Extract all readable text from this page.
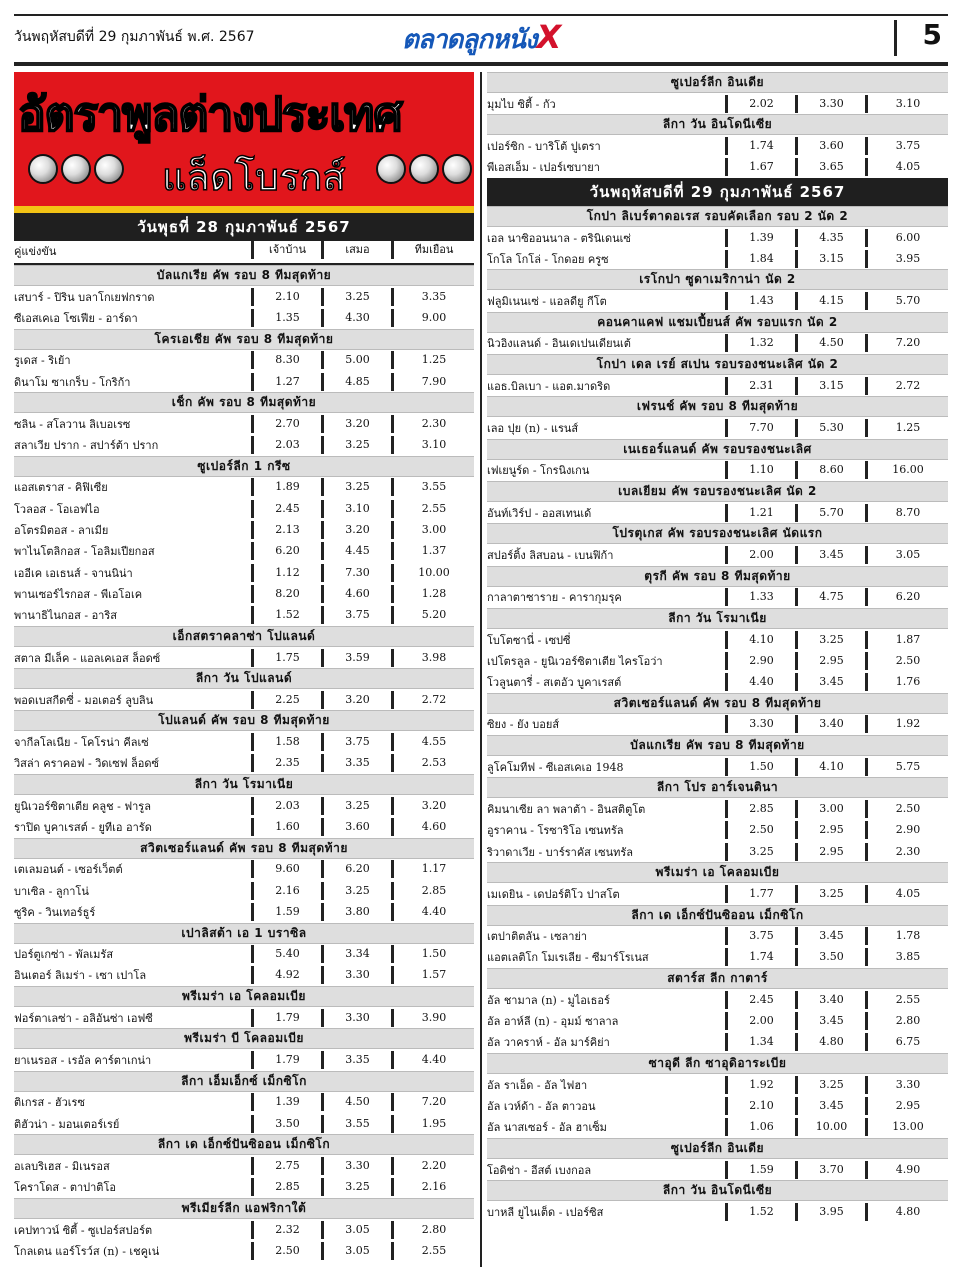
วันพฤหัสบดีที่ 29 กุมภาพันธ์ พ.ศ. 2567	ตลาดลูกหนังX	5
อัตราพูลต่างประเทศ
แล็ดโบรกส์
วันพุธที่ 28 กุมภาพันธ์ 2567
คู่แข่งขัน	เจ้าบ้าน	เสมอ	ทีมเยือน
บัลแกเรีย คัพ รอบ 8 ทีมสุดท้าย
เสบาร์ - ปิริน บลาโกเยฟกราด	2.10	3.25	3.35
ซีเอสเคเอ โซเฟีย - อาร์ดา	1.35	4.30	9.00
โครเอเชีย คัพ รอบ 8 ทีมสุดท้าย
รูเดส - ริเย้า	8.30	5.00	1.25
ดินาโม ซาเกร็บ - โกริก้า	1.27	4.85	7.90
เช็ก คัพ รอบ 8 ทีมสุดท้าย
ซลิน - สโลวาน ลิเบอเรซ	2.70	3.20	2.30
สลาเวีย ปราก - สปาร์ต้า ปราก	2.03	3.25	3.10
ซูเปอร์ลีก 1 กรีซ
แอสเตราส - คิฟิเซีย	1.89	3.25	3.55
โวลอส - โอเอฟไอ	2.45	3.10	2.55
อโตรมิตอส - ลาเมีย	2.13	3.20	3.00
พาไนโตลิกอส - โอลิมเปียกอส	6.20	4.45	1.37
เออีเค เอเธนส์ - จานนิน่า	1.12	7.30	10.00
พานเซอร์ไรกอส - พีเอโอเค	8.20	4.60	1.28
พานาธิไนกอส - อาริส	1.52	3.75	5.20
เอ็กสตราคลาซ่า โปแลนด์
สตาล มีเล็ค - แอลเคเอส ล็อดซ์	1.75	3.59	3.98
ลีกา วัน โปแลนด์
พอดเบสกีดซี่ - มอเตอร์ ลูบลิน	2.25	3.20	2.72
โปแลนด์ คัพ รอบ 8 ทีมสุดท้าย
จากีลโลเนีย - โคโรน่า คีลเซ่	1.58	3.75	4.55
วิสล่า คราคอฟ - วิดเซฟ ล็อดซ์	2.35	3.35	2.53
ลีกา วัน โรมาเนีย
ยูนิเวอร์ซิตาเตีย คลูช - ฟารูล	2.03	3.25	3.20
ราปิด บูคาเรสต์ - ยูทีเอ อารัด	1.60	3.60	4.60
สวิตเซอร์แลนด์ คัพ รอบ 8 ทีมสุดท้าย
เตเลมอนต์ - เซอร์เว็ตต์	9.60	6.20	1.17
บาเซิล - ลูกาโน่	2.16	3.25	2.85
ซูริค - วินเทอร์ธูร์	1.59	3.80	4.40
เปาลิสต้า เอ 1 บราซิล
ปอร์ตูเกซ่า - พัลเมรัส	5.40	3.34	1.50
อินเตอร์ ลิเมร่า - เซา เปาโล	4.92	3.30	1.57
พรีเมร่า เอ โคลอมเบีย
ฟอร์ตาเลซ่า - อลิอันซ่า เอฟซี	1.79	3.30	3.90
พรีเมร่า บี โคลอมเบีย
ยาเนรอส - เรอัล คาร์ตาเกน่า	1.79	3.35	4.40
ลีกา เอ็มเอ็กซ์ เม็กซิโก
ติเกรส - ฮัวเรซ	1.39	4.50	7.20
ติฮัวน่า - มอนเตอร์เรย์	3.50	3.55	1.95
ลีกา เด เอ็กซ์ปันซิออน เม็กซิโก
อเลบริเฮส - มิเนรอส	2.75	3.30	2.20
โคราโดส - ตาปาติโอ	2.85	3.25	2.16
พรีเมียร์ลีก แอฟริกาใต้
เคปทาวน์ ซิตี้ - ซูเปอร์สปอร์ต	2.32	3.05	2.80
โกลเดน แอร์โรว์ส (n) - เชคูเน่	2.50	3.05	2.55
ซูเปอร์ลีก อินเดีย
มุมไบ ซิตี้ - กัว	2.02	3.30	3.10
ลีกา วัน อินโดนีเซีย
เปอร์ซิก - บาริโต้ ปูเตรา	1.74	3.60	3.75
พีเอสเอ็ม - เปอร์เซบายา	1.67	3.65	4.05
วันพฤหัสบดีที่ 29 กุมภาพันธ์ 2567
โกปา ลิเบร์ตาดอเรส รอบคัดเลือก รอบ 2 นัด 2
เอล นาซิออนนาล - ตรินิเดนเซ่	1.39	4.35	6.00
โกโล โกโล่ - โกดอย ครูซ	1.84	3.15	3.95
เรโกปา ซูดาเมริกาน่า นัด 2
ฟลูมิเนนเซ่ - แอลดียู กีโต	1.43	4.15	5.70
คอนคาแคฟ แชมเปี้ยนส์ คัพ รอบแรก นัด 2
นิวอิงแลนด์ - อินเดเปนเดียนเต้	1.32	4.50	7.20
โกปา เดล เรย์ สเปน รอบรองชนะเลิศ นัด 2
แอธ.บิลเบา - แอต.มาดริด	2.31	3.15	2.72
เฟรนช์ คัพ รอบ 8 ทีมสุดท้าย
เลอ ปุย (n) - แรนส์	7.70	5.30	1.25
เนเธอร์แลนด์ คัพ รอบรองชนะเลิศ
เฟเยนูร์ด - โกรนิงเกน	1.10	8.60	16.00
เบลเยียม คัพ รอบรองชนะเลิศ นัด 2
อันท์เวิร์ป - ออสเทนเด้	1.21	5.70	8.70
โปรตุเกส คัพ รอบรองชนะเลิศ นัดแรก
สปอร์ติ้ง ลิสบอน - เบนฟิก้า	2.00	3.45	3.05
ตุรกี คัพ รอบ 8 ทีมสุดท้าย
กาลาตาซาราย - คารากุมรุค	1.33	4.75	6.20
ลีกา วัน โรมาเนีย
โบโตซานี่ - เซปซี่	4.10	3.25	1.87
เปโตรลูล - ยูนิเวอร์ซิตาเตีย ไครโอว่า	2.90	2.95	2.50
โวลูนตารี่ - สเตอัว บูคาเรสต์	4.40	3.45	1.76
สวิตเซอร์แลนด์ คัพ รอบ 8 ทีมสุดท้าย
ซิยง - ยัง บอยส์	3.30	3.40	1.92
บัลแกเรีย คัพ รอบ 8 ทีมสุดท้าย
ลูโคโมทีฟ - ซีเอสเคเอ 1948	1.50	4.10	5.75
ลีกา โปร อาร์เจนตินา
คิมนาเซีย ลา พลาต้า - อินสติตูโต	2.85	3.00	2.50
อูราคาน - โรซาริโอ เซนทรัล	2.50	2.95	2.90
ริวาดาเวีย - บาร์ราคัส เซนทรัล	3.25	2.95	2.30
พรีเมร่า เอ โคลอมเบีย
เมเดยิน - เดปอร์ติโว ปาสโต	1.77	3.25	4.05
ลีกา เด เอ็กซ์ปันซิออน เม็กซิโก
เตปาติตลัน - เซลาย่า	3.75	3.45	1.78
แอตเลติโก โมเรเลีย - ซีมาร์โรเนส	1.74	3.50	3.85
สตาร์ส ลีก กาตาร์
อัล ชามาล (n) - มูไอเธอร์	2.45	3.40	2.55
อัล อาห์ลี (n) - อุมม์ ซาลาล	2.00	3.45	2.80
อัล วาคราห์ - อัล มาร์คิย่า	1.34	4.80	6.75
ซาอุดี ลีก ซาอุดิอาระเบีย
อัล ราเอ็ด - อัล ไฟฮา	1.92	3.25	3.30
อัล เวห์ด้า - อัล ตาวอน	2.10	3.45	2.95
อัล นาสเซอร์ - อัล ฮาเซ็ม	1.06	10.00	13.00
ซูเปอร์ลีก อินเดีย
โอดิช่า - อีสต์ เบงกอล	1.59	3.70	4.90
ลีกา วัน อินโดนีเซีย
บาหลี ยูไนเต็ด - เปอร์ซิส	1.52	3.95	4.80
